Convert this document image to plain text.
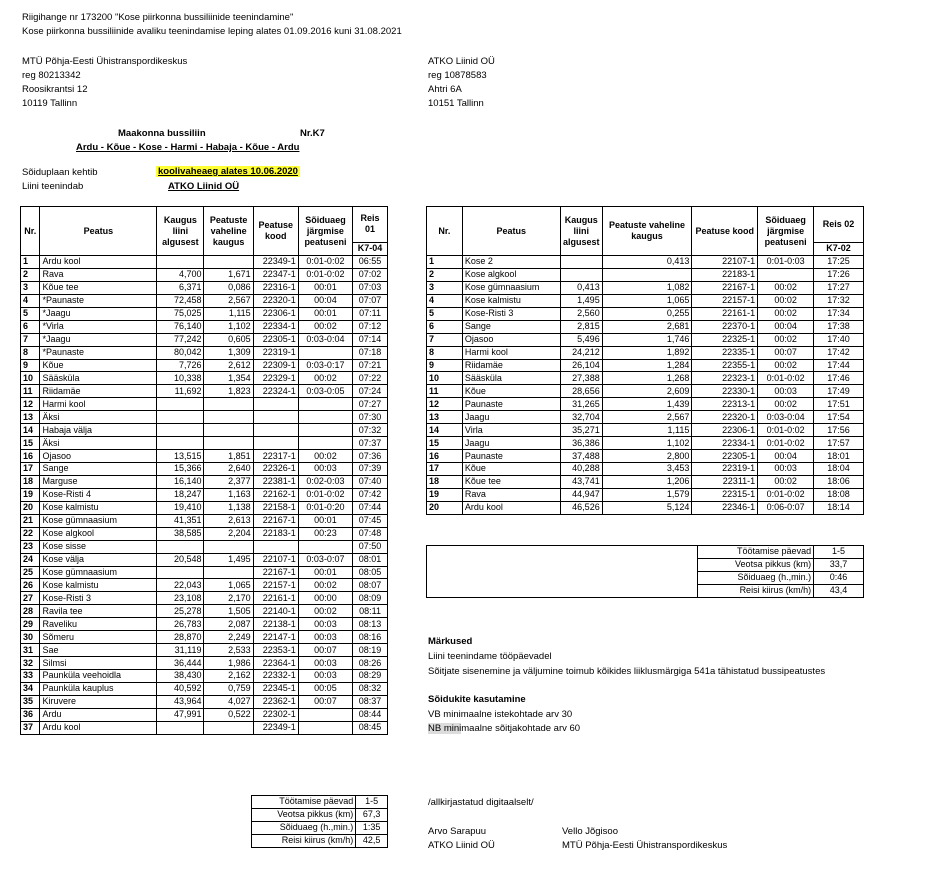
Riigihange nr 173200 "Kose piirkonna bussiliinide teenindamine"
Kose piirkonna bussiliinide avaliku teenindamise leping alates 01.09.2016 kuni 31.08.2021
MTÜ Põhja-Eesti Ühistranspordikeskus
reg 80213342
Roosikrantsi 12
10119 Tallinn
ATKO Liinid OÜ
reg 10878583
Ahtri 6A
10151 Tallinn
Maakonna bussiliin	Nr.K7
Ardu - Kõue - Kose - Harmi - Habaja - Kõue - Ardu
Sõiduplaan kehtib	koolivaheaeg alates 10.06.2020
Liini teenindab	ATKO Liinid OÜ
Nr.	Peatus	Kaugus liini algusest	Peatuste vaheline kaugus	Peatuse kood	Sõiduaeg järgmise peatuseni	Reis 01
						K7-04
1	Ardu kool			22349-1	0:01-0:02	06:55
2	Rava	4,700	1,671	22347-1	0:01-0:02	07:02
3	Kõue tee	6,371	0,086	22316-1	00:01	07:03
4	*Paunaste	72,458	2,567	22320-1	00:04	07:07
5	*Jaagu	75,025	1,115	22306-1	00:01	07:11
6	*Virla	76,140	1,102	22334-1	00:02	07:12
7	*Jaagu	77,242	0,605	22305-1	0:03-0:04	07:14
8	*Paunaste	80,042	1,309	22319-1		07:18
9	Kõue	7,726	2,612	22309-1	0:03-0:17	07:21
10	Sääsküla	10,338	1,354	22329-1	00:02	07:22
11	Riidamäe	11,692	1,823	22324-1	0:03-0:05	07:24
12	Harmi kool					07:27
13	Äksi					07:30
14	Habaja välja					07:32
15	Äksi					07:37
16	Ojasoo	13,515	1,851	22317-1	00:02	07:36
17	Sange	15,366	2,640	22326-1	00:03	07:39
18	Marguse	16,140	2,377	22381-1	0:02-0:03	07:40
19	Kose-Risti 4	18,247	1,163	22162-1	0:01-0:02	07:42
20	Kose kalmistu	19,410	1,138	22158-1	0:01-0:20	07:44
21	Kose gümnaasium	41,351	2,613	22167-1	00:01	07:45
22	Kose algkool	38,585	2,204	22183-1	00:23	07:48
23	Kose sisse					07:50
24	Kose välja	20,548	1,495	22107-1	0:03-0:07	08:01
25	Kose gümnaasium			22167-1	00:01	08:05
26	Kose kalmistu	22,043	1,065	22157-1	00:02	08:07
27	Kose-Risti 3	23,108	2,170	22161-1	00:00	08:09
28	Ravila tee	25,278	1,505	22140-1	00:02	08:11
29	Raveliku	26,783	2,087	22138-1	00:03	08:13
30	Sõmeru	28,870	2,249	22147-1	00:03	08:16
31	Sae	31,119	2,533	22353-1	00:07	08:19
32	Silmsi	36,444	1,986	22364-1	00:03	08:26
33	Paunküla veehoidla	38,430	2,162	22332-1	00:03	08:29
34	Paunküla kauplus	40,592	0,759	22345-1	00:05	08:32
35	Kiruvere	43,964	4,027	22362-1	00:07	08:37
36	Ardu	47,991	0,522	22302-1		08:44
37	Ardu kool			22349-1		08:45
Töötamise päevad	1-5
Veotsa pikkus (km)	67,3
Sõiduaeg (h.,min.)	1:35
Reisi kiirus (km/h)	42,5
Nr.	Peatus	Kaugus liini algusest	Peatuste vaheline kaugus	Peatuse kood	Sõiduaeg järgmise peatuseni	Reis 02
						K7-02
1	Kose 2		0,413	22107-1	0:01-0:03	17:25
2	Kose algkool			22183-1		17:26
3	Kose gümnaasium	0,413	1,082	22167-1	00:02	17:27
4	Kose kalmistu	1,495	1,065	22157-1	00:02	17:32
5	Kose-Risti 3	2,560	0,255	22161-1	00:02	17:34
6	Sange	2,815	2,681	22370-1	00:04	17:38
7	Ojasoo	5,496	1,746	22325-1	00:02	17:40
8	Harmi kool	24,212	1,892	22335-1	00:07	17:42
9	Riidamäe	26,104	1,284	22355-1	00:02	17:44
10	Sääsküla	27,388	1,268	22323-1	0:01-0:02	17:46
11	Kõue	28,656	2,609	22330-1	00:03	17:49
12	Paunaste	31,265	1,439	22313-1	00:02	17:51
13	Jaagu	32,704	2,567	22320-1	0:03-0:04	17:54
14	Virla	35,271	1,115	22306-1	0:01-0:02	17:56
15	Jaagu	36,386	1,102	22334-1	0:01-0:02	17:57
16	Paunaste	37,488	2,800	22305-1	00:04	18:01
17	Kõue	40,288	3,453	22319-1	00:03	18:04
18	Kõue tee	43,741	1,206	22311-1	00:02	18:06
19	Rava	44,947	1,579	22315-1	0:01-0:02	18:08
20	Ardu kool	46,526	5,124	22346-1	0:06-0:07	18:14
	Töötamise päevad	1-5
	Veotsa pikkus (km)	33,7
	Sõiduaeg (h.,min.)	0:46
	Reisi kiirus (km/h)	43,4
Märkused
Liini teenindame tööpäevadel
Sõitjate sisenemine ja väljumine toimub kõikides liiklusmärgiga 541a tähistatud bussipeatustes
Sõidukite kasutamine
VB minimaalne istekohtade arv 30
NB minimaalne sõitjakohtade arv 60
/allkirjastatud digitaalselt/
Arvo Sarapuu
ATKO Liinid OÜ
Vello Jõgisoo
MTÜ Põhja-Eesti Ühistranspordikeskus
